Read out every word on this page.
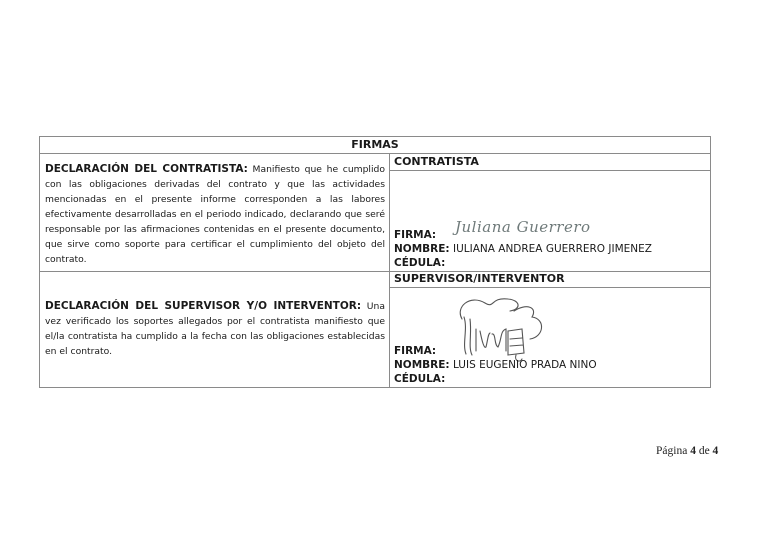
FIRMAS
DECLARACIÓN DEL CONTRATISTA: Manifiesto que he cumplido con las obligaciones derivadas del contrato y que las actividades mencionadas en el presente informe corresponden a las labores efectivamente desarrolladas en el periodo indicado, declarando que seré responsable por las afirmaciones contenidas en el presente documento, que sirve como soporte para certificar el cumplimiento del objeto del contrato.
CONTRATISTA
Juliana Guerrero
FIRMA:
NOMBRE: IULIANA ANDREA GUERRERO JIMENEZ
CÉDULA:
DECLARACIÓN DEL SUPERVISOR Y/O INTERVENTOR: Una vez verificado los soportes allegados por el contratista manifiesto que el/la contratista ha cumplido a la fecha con las obligaciones establecidas en el contrato.
SUPERVISOR/INTERVENTOR
FIRMA:
NOMBRE: LUIS EUGENIO PRADA NINO
CÉDULA:
Página 4 de 4
